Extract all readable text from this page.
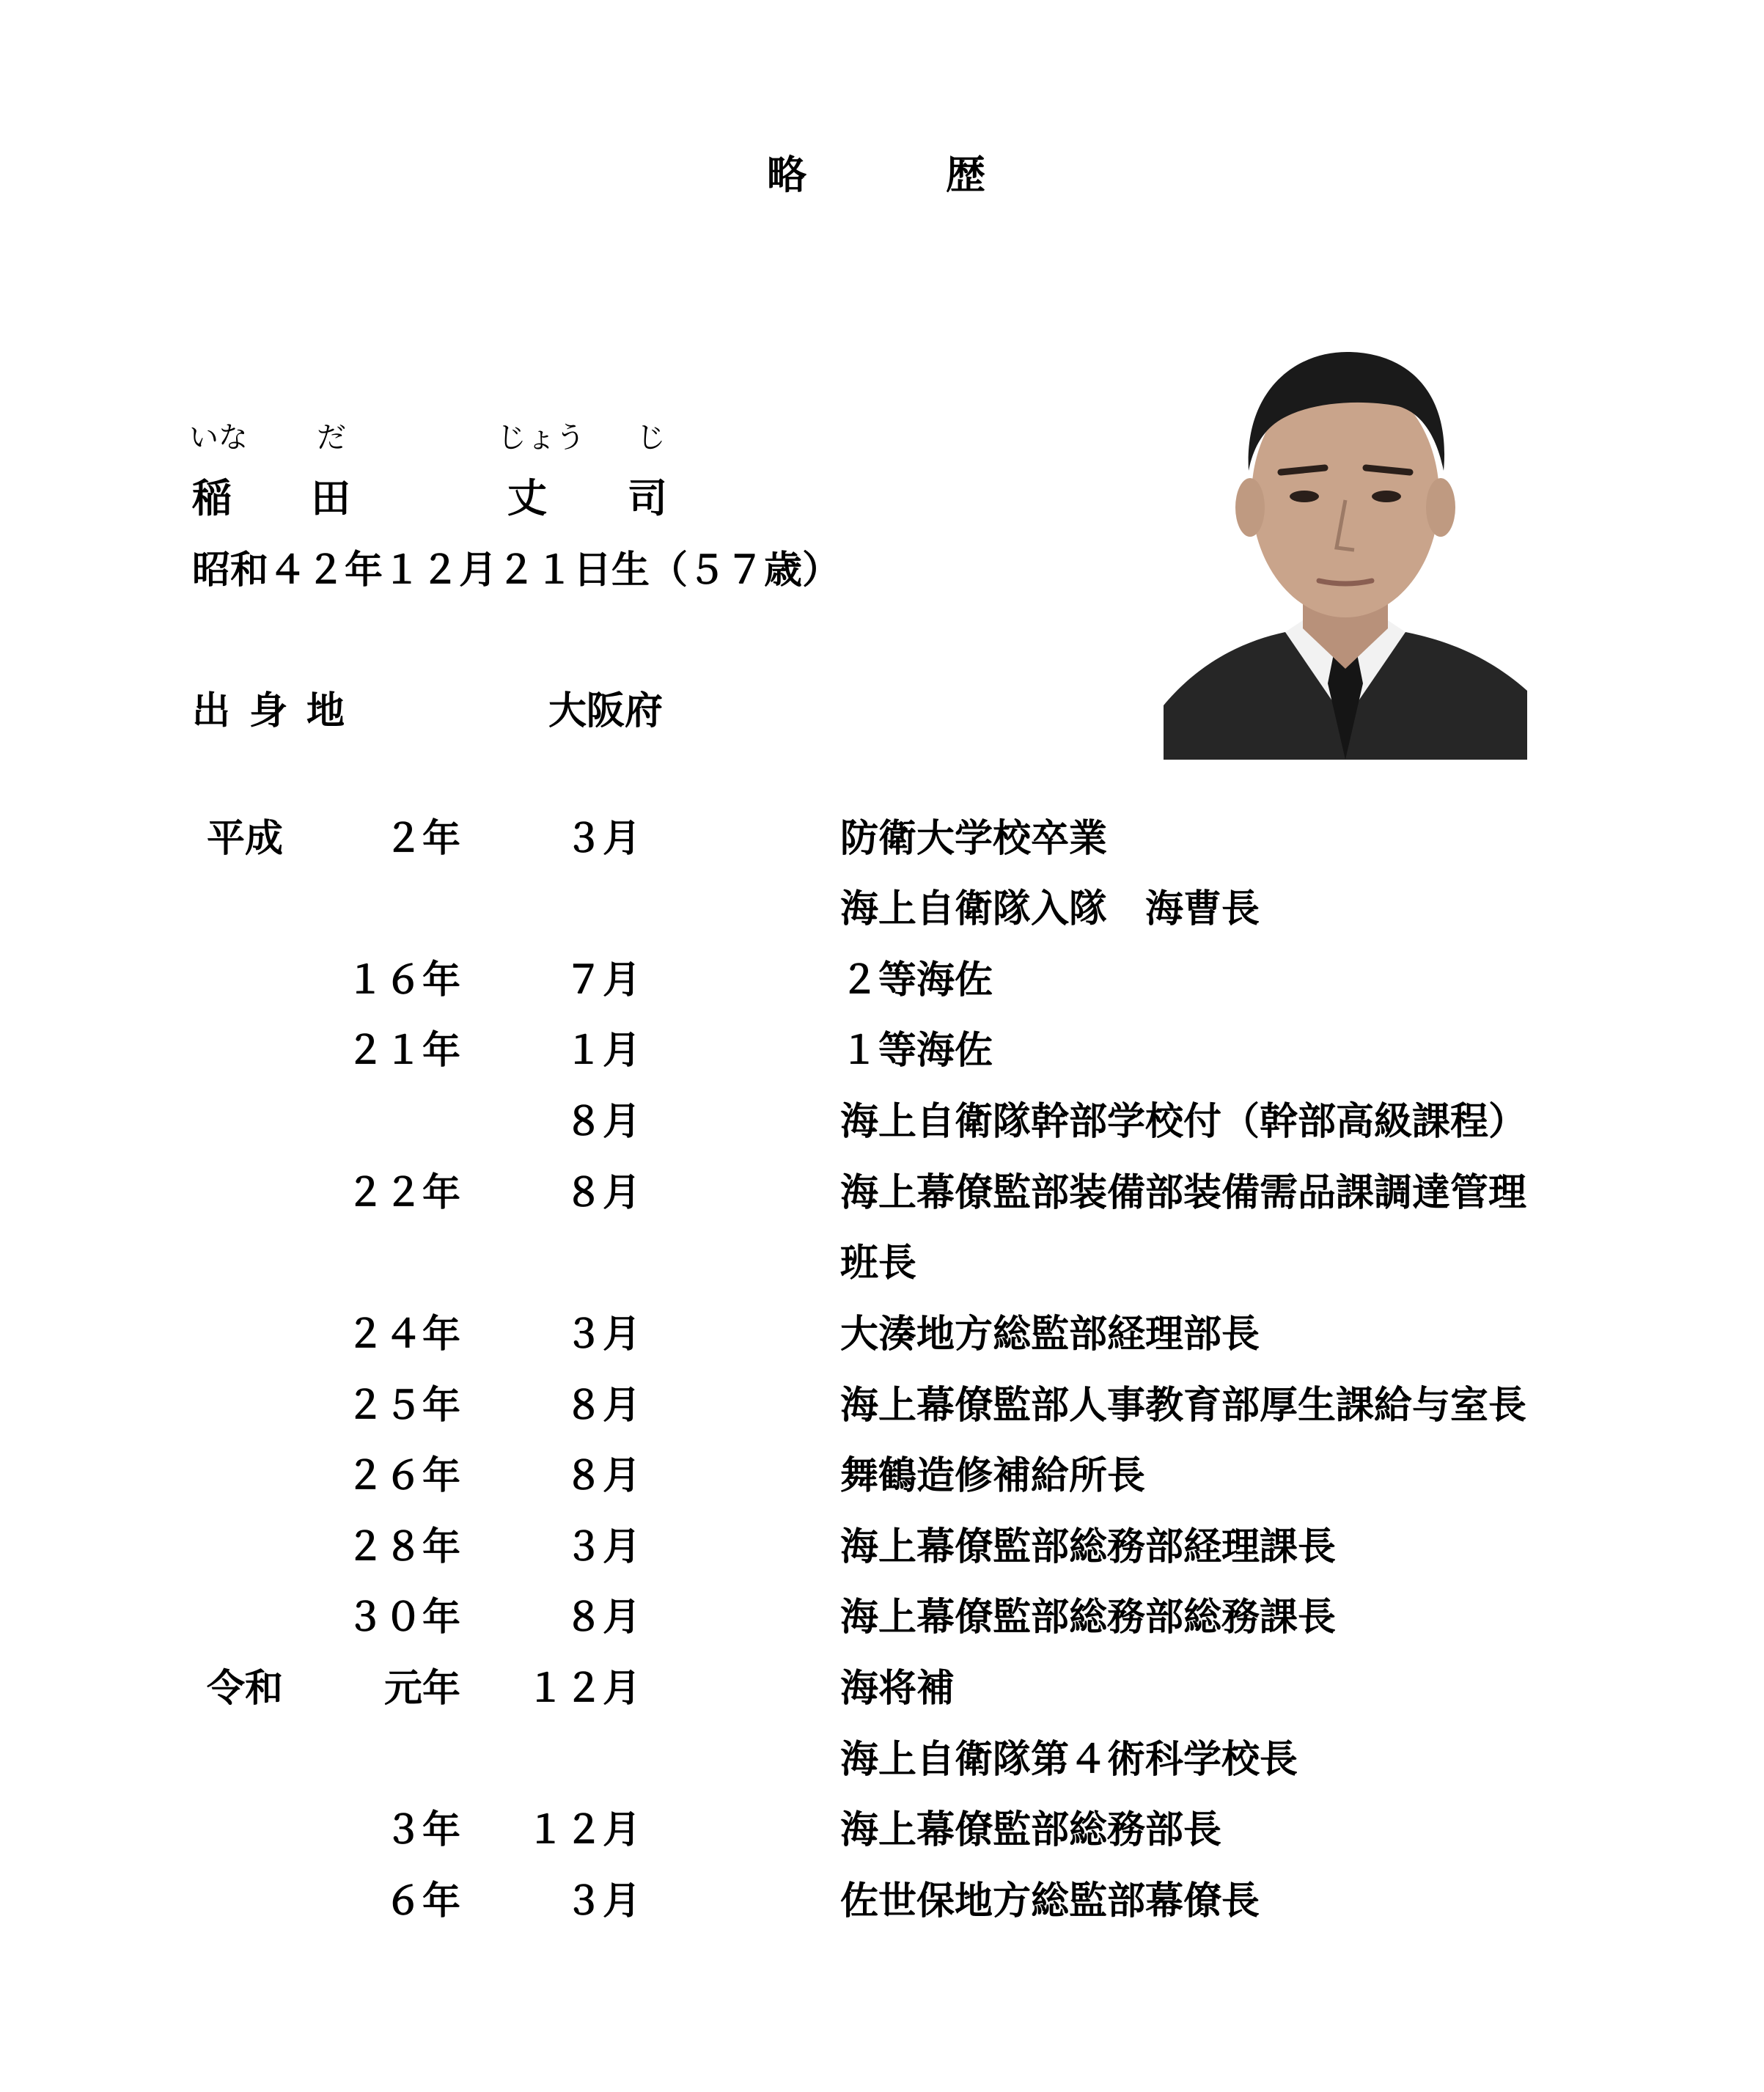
略	歴
いな だ	じょう じ
稲 田	丈 司
昭和４２年１２月２１日生（５７歳）
出身地	大阪府
平成	２年	３月	防衛大学校卒業
海上自衛隊入隊　海曹長
１６年	７月	２等海佐
２１年	１月	１等海佐
８月	海上自衛隊幹部学校付（幹部高級課程）
２２年	８月	海上幕僚監部装備部装備需品課調達管理
班長
２４年	３月	大湊地方総監部経理部長
２５年	８月	海上幕僚監部人事教育部厚生課給与室長
２６年	８月	舞鶴造修補給所長
２８年	３月	海上幕僚監部総務部経理課長
３０年	８月	海上幕僚監部総務部総務課長
令和	元年 １２月	海将補
海上自衛隊第４術科学校長
３年 １２月	海上幕僚監部総務部長
６年	３月	佐世保地方総監部幕僚長
